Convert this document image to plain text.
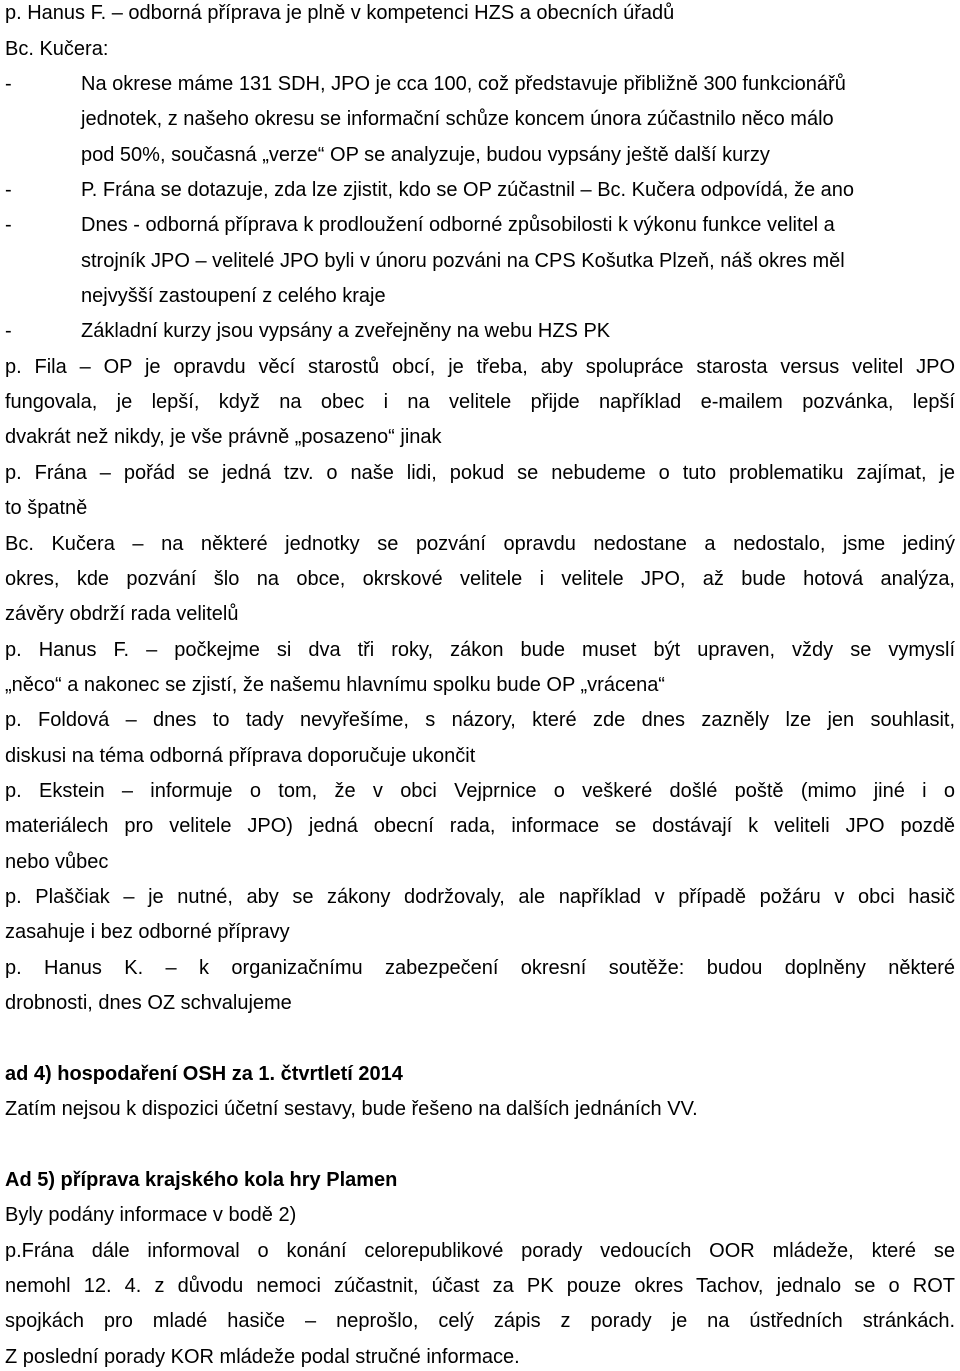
p. Hanus F. – odborná příprava je plně v kompetenci HZS a obecních úřadů
Bc. Kučera:
-	Na okrese máme 131 SDH, JPO je cca 100, což představuje přibližně 300 funkcionářů
jednotek, z našeho okresu se informační schůze koncem února zúčastnilo něco málo
pod 50%, současná „verze“ OP se analyzuje, budou vypsány ještě další kurzy
-	P. Frána se dotazuje, zda lze zjistit, kdo se OP zúčastnil – Bc. Kučera odpovídá, že ano
-	Dnes - odborná příprava k prodloužení odborné způsobilosti k výkonu funkce velitel a
strojník JPO – velitelé JPO byli v únoru pozváni na CPS Košutka Plzeň, náš okres měl
nejvyšší zastoupení z celého kraje
-	Základní kurzy jsou vypsány a zveřejněny na webu HZS PK
p. Fila – OP je opravdu věcí starostů obcí, je třeba, aby spolupráce starosta versus velitel JPO
fungovala, je lepší, když na obec i na velitele přijde například e-mailem pozvánka, lepší
dvakrát než nikdy, je vše právně „posazeno“ jinak
p. Frána – pořád se jedná tzv. o naše lidi, pokud se nebudeme o tuto problematiku zajímat, je
to špatně
Bc. Kučera – na některé jednotky se pozvání opravdu nedostane a nedostalo, jsme jediný
okres, kde pozvání šlo na obce, okrskové velitele i velitele JPO, až bude hotová analýza,
závěry obdrží rada velitelů
p. Hanus F. – počkejme si dva tři roky, zákon bude muset být upraven, vždy se vymyslí
„něco“ a nakonec se zjistí, že našemu hlavnímu spolku bude OP „vrácena“
p. Foldová – dnes to tady nevyřešíme, s názory, které zde dnes zazněly lze jen souhlasit,
diskusi na téma odborná příprava doporučuje ukončit
p. Ekstein – informuje o tom, že v obci Vejprnice o veškeré došlé poště (mimo jiné i o
materiálech pro velitele JPO) jedná obecní rada, informace se dostávají k veliteli JPO pozdě
nebo vůbec
p. Plaščiak – je nutné, aby se zákony dodržovaly, ale například v případě požáru v obci hasič
zasahuje i bez odborné přípravy
p. Hanus K. – k organizačnímu zabezpečení okresní soutěže: budou doplněny některé
drobnosti, dnes OZ schvalujeme
ad 4) hospodaření OSH za 1. čtvrtletí 2014
Zatím nejsou k dispozici účetní sestavy, bude řešeno na dalších jednáních VV.
Ad 5) příprava krajského kola hry Plamen
Byly podány informace v bodě 2)
p.Frána dále informoval o konání celorepublikové porady vedoucích OOR mládeže, které se
nemohl 12. 4. z důvodu nemoci zúčastnit, účast za PK pouze okres Tachov, jednalo se o ROT
spojkách pro mladé hasiče – neprošlo, celý zápis z porady je na ústředních stránkách.
Z poslední porady KOR mládeže podal stručné informace.
